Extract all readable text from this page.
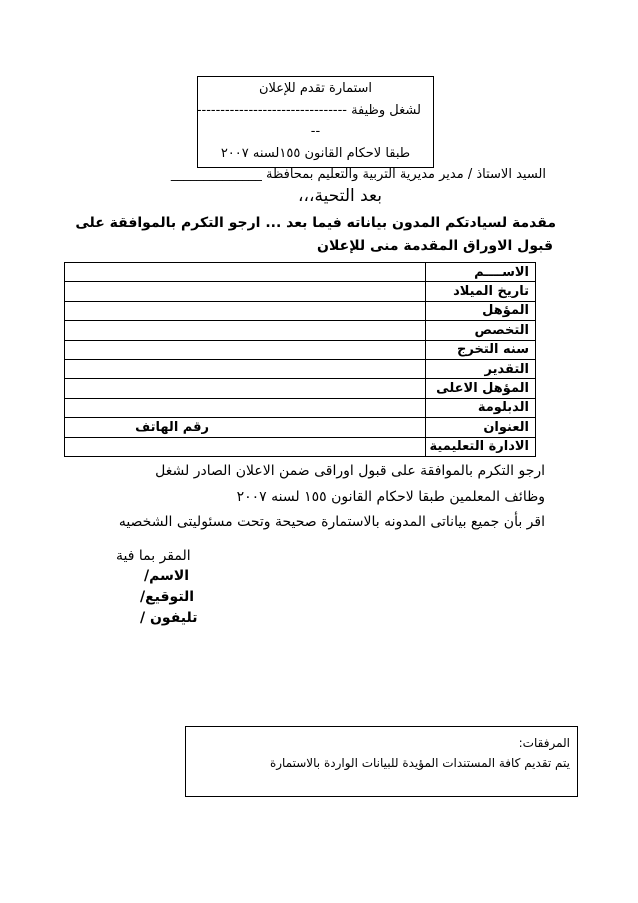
استمارة تقدم للإعلان
لشغل وظيفة --------------------------------
--
طبقا لاحكام القانون ١٥٥لسنه ٢٠٠٧
السيد الاستاذ / مدير مديرية التربية والتعليم بمحافظة ______________
بعد التحية،،،
مقدمة لسيادتكم المدون بياناته فيما بعد ... ارجو التكرم بالموافقة على
قبول الاوراق المقدمة منى للإعلان
الاســــم	
تاريخ الميلاد	
المؤهل	
التخصص	
سنه التخرج	
التقدير	
المؤهل الاعلى	
الدبلومة	
العنوان	رقم الهاتف
الادارة التعليمية	
ارجو التكرم بالموافقة على قبول اوراقى ضمن الاعلان الصادر لشغل
وظائف المعلمين طبقا لاحكام القانون ١٥٥ لسنه ٢٠٠٧
اقر بأن جميع بياناتى المدونه بالاستمارة صحيحة وتحت مسئوليتى الشخصيه
المقر بما فية
الاسم/
التوقيع/
تليفون /
المرفقات:
يتم تقديم كافة المستندات المؤيدة للبيانات الواردة بالاستمارة
